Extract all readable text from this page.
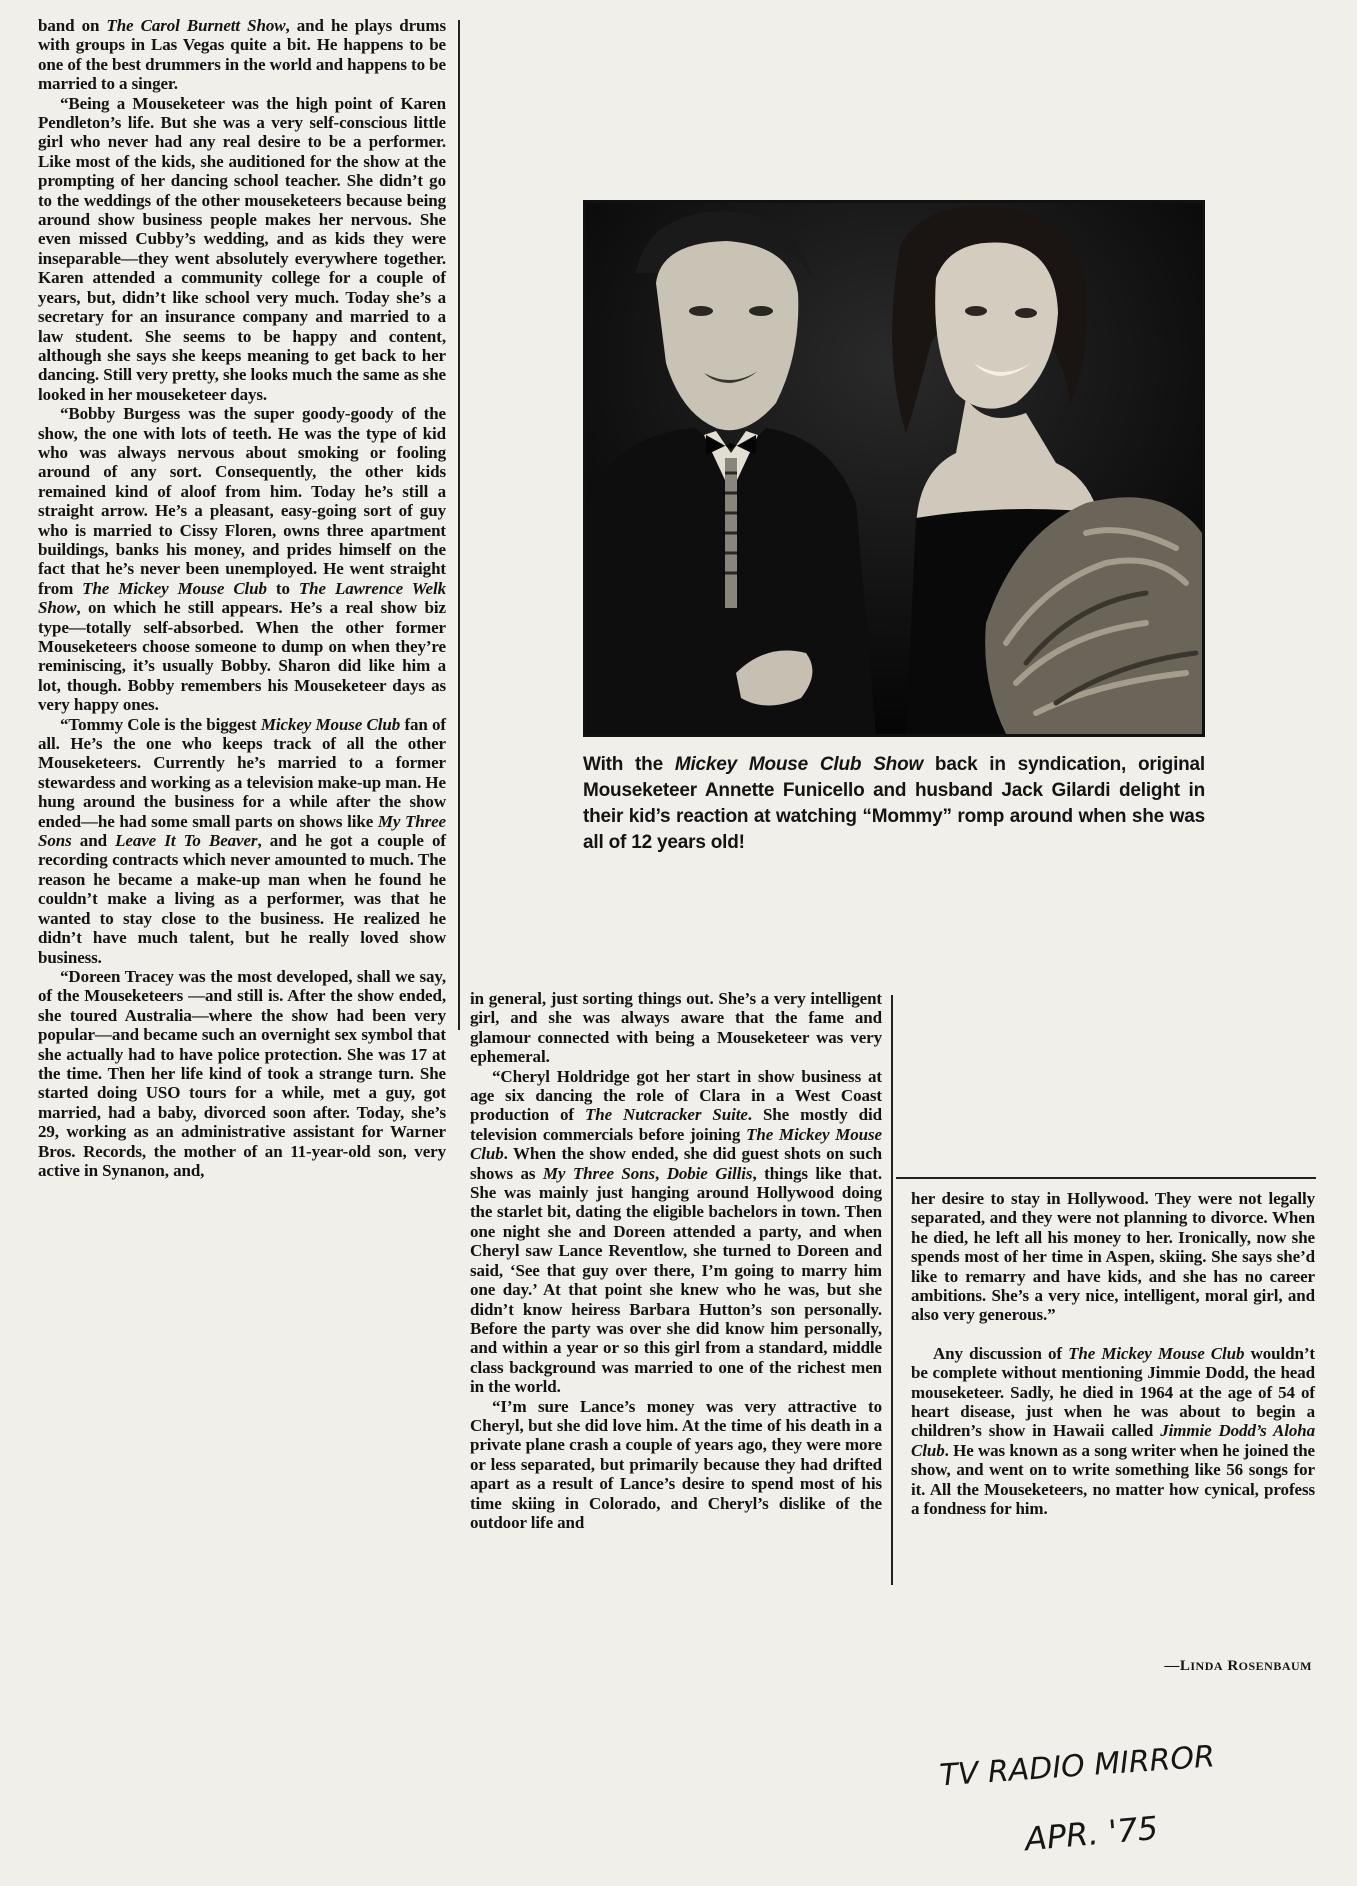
band on The Carol Burnett Show, and he plays drums with groups in Las Vegas quite a bit. He happens to be one of the best drummers in the world and happens to be married to a singer.

“Being a Mouseketeer was the high point of Karen Pendleton’s life. But she was a very self-conscious little girl who never had any real desire to be a performer. Like most of the kids, she auditioned for the show at the prompting of her dancing school teacher. She didn’t go to the weddings of the other mouseketeers because being around show business people makes her nervous. She even missed Cubby’s wedding, and as kids they were inseparable—they went absolutely everywhere together. Karen attended a community college for a couple of years, but, didn’t like school very much. Today she’s a secretary for an insurance company and married to a law student. She seems to be happy and content, although she says she keeps meaning to get back to her dancing. Still very pretty, she looks much the same as she looked in her mouseketeer days.

“Bobby Burgess was the super goody-goody of the show, the one with lots of teeth. He was the type of kid who was always nervous about smoking or fooling around of any sort. Consequently, the other kids remained kind of aloof from him. Today he’s still a straight arrow. He’s a pleasant, easy-going sort of guy who is married to Cissy Floren, owns three apartment buildings, banks his money, and prides himself on the fact that he’s never been unemployed. He went straight from The Mickey Mouse Club to The Lawrence Welk Show, on which he still appears. He’s a real show biz type—totally self-absorbed. When the other former Mouseketeers choose someone to dump on when they’re reminiscing, it’s usually Bobby. Sharon did like him a lot, though. Bobby remembers his Mouseketeer days as very happy ones.

“Tommy Cole is the biggest Mickey Mouse Club fan of all. He’s the one who keeps track of all the other Mouseketeers. Currently he’s married to a former stewardess and working as a television make-up man. He hung around the business for a while after the show ended—he had some small parts on shows like My Three Sons and Leave It To Beaver, and he got a couple of recording contracts which never amounted to much. The reason he became a make-up man when he found he couldn’t make a living as a performer, was that he wanted to stay close to the business. He realized he didn’t have much talent, but he really loved show business.

“Doreen Tracey was the most developed, shall we say, of the Mouseketeers —and still is. After the show ended, she toured Australia—where the show had been very popular—and became such an overnight sex symbol that she actually had to have police protection. She was 17 at the time. Then her life kind of took a strange turn. She started doing USO tours for a while, met a guy, got married, had a baby, divorced soon after. Today, she’s 29, working as an administrative assistant for Warner Bros. Records, the mother of an 11-year-old son, very active in Synanon, and,

in general, just sorting things out. She’s a very intelligent girl, and she was always aware that the fame and glamour connected with being a Mouseketeer was very ephemeral.

“Cheryl Holdridge got her start in show business at age six dancing the role of Clara in a West Coast production of The Nutcracker Suite. She mostly did television commercials before joining The Mickey Mouse Club. When the show ended, she did guest shots on such shows as My Three Sons, Dobie Gillis, things like that. She was mainly just hanging around Hollywood doing the starlet bit, dating the eligible bachelors in town. Then one night she and Doreen attended a party, and when Cheryl saw Lance Reventlow, she turned to Doreen and said, ‘See that guy over there, I’m going to marry him one day.’ At that point she knew who he was, but she didn’t know heiress Barbara Hutton’s son personally. Before the party was over she did know him personally, and within a year or so this girl from a standard, middle class background was married to one of the richest men in the world.

“I’m sure Lance’s money was very attractive to Cheryl, but she did love him. At the time of his death in a private plane crash a couple of years ago, they were more or less separated, but primarily because they had drifted apart as a result of Lance’s desire to spend most of his time skiing in Colorado, and Cheryl’s dislike of the outdoor life and

her desire to stay in Hollywood. They were not legally separated, and they were not planning to divorce. When he died, he left all his money to her. Ironically, now she spends most of her time in Aspen, skiing. She says she’d like to remarry and have kids, and she has no career ambitions. She’s a very nice, intelligent, moral girl, and also very generous.”

Any discussion of The Mickey Mouse Club wouldn’t be complete without mentioning Jimmie Dodd, the head mouseketeer. Sadly, he died in 1964 at the age of 54 of heart disease, just when he was about to begin a children’s show in Hawaii called Jimmie Dodd’s Aloha Club. He was known as a song writer when he joined the show, and went on to write something like 56 songs for it. All the Mouseketeers, no matter how cynical, profess a fondness for him.

With the Mickey Mouse Club Show back in syndication, original Mouseketeer Annette Funicello and husband Jack Gilardi delight in their kid’s reaction at watching “Mommy” romp around when she was all of 12 years old!
—LINDA ROSENBAUM
TV RADIO MIRROR
APR. '75
